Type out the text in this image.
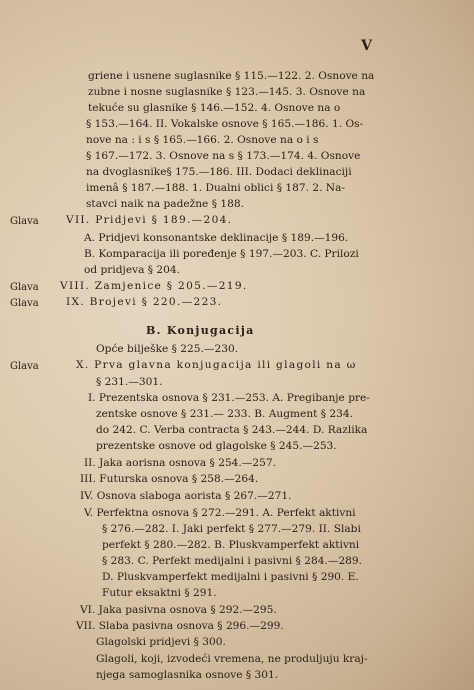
V
griene i usnene suglasnike § 115.—122. 2. Osnove na
zubne i nosne suglasnike § 123.—145. 3. Osnove na
tekuće su glasnike § 146.—152. 4. Osnove na o
§ 153.—164. II. Vokalske osnove § 165.—186. 1. Os-
nove na : i s § 165.—166. 2. Osnove na o i s
§ 167.—172. 3. Osnove na s § 173.—174. 4. Osnove
na dvoglasnike§ 175.—186. III. Dodaci deklinaciji
imenâ § 187.—188. 1. Dualni oblici § 187. 2. Na-
stavci naik na padežne § 188.
Glava	VII. Pridjevi § 189.—204.
A. Pridjevi konsonantske deklinacije § 189.—196.
B. Komparacija ili poređenje § 197.—203. C. Prilozi
od pridjeva § 204.
Glava VIII. Zamjenice § 205.—219.
Glava	IX. Brojevi § 220.—223.
B. Konjugacija
Opće bilješke § 225.—230.
Glava	X. Prva glavna konjugacija ili glagoli na ω
§ 231.—301.
I. Prezentska osnova § 231.—253. A. Pregibanje pre-
zentske osnove § 231.— 233. B. Augment § 234.
do 242. C. Verba contracta § 243.—244. D. Razlika
prezentske osnove od glagolske § 245.—253.
II. Jaka aorisna osnova § 254.—257.
III. Futurska osnova § 258.—264.
IV. Osnova slaboga aorista § 267.—271.
V. Perfektna osnova § 272.—291. A. Perfekt aktivni
§ 276.—282. I. Jaki perfekt § 277.—279. II. Slabi
perfekt § 280.—282. B. Pluskvamperfekt aktivni
§ 283. C. Perfekt medijalni i pasivni § 284.—289.
D. Pluskvamperfekt medijalni i pasivni § 290. E.
Futur eksaktni § 291.
VI. Jaka pasivna osnova § 292.—295.
VII. Slaba pasivna osnova § 296.—299.
Glagolski pridjevi § 300.
Glagoli, koji, izvodeći vremena, ne produljuju kraj-
njega samoglasnika osnove § 301.
